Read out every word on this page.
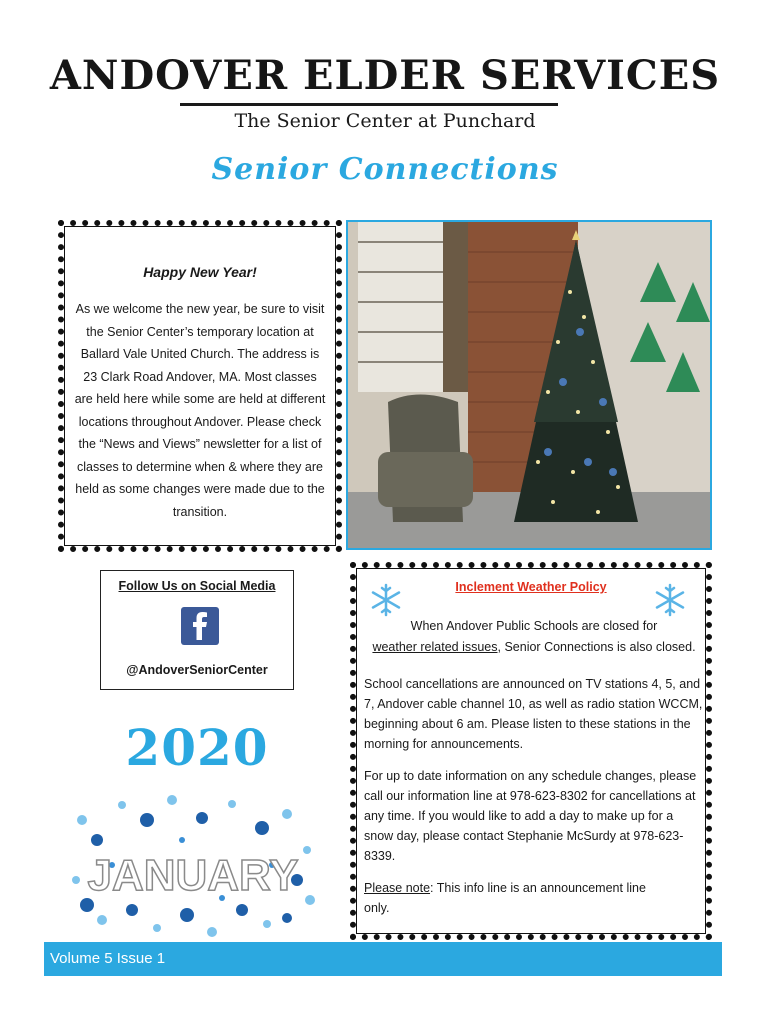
ANDOVER ELDER SERVICES
The Senior Center at Punchard
Senior Connections
Happy New Year!
As we welcome the new year, be sure to visit the Senior Center’s temporary location at Ballard Vale United Church. The address is 23 Clark Road Andover, MA. Most classes are held here while some are held at different locations throughout Andover. Please check the “News and Views” newsletter for a list of classes to determine when & where they are held as some changes were made due to the transition.
Follow Us on Social Media
@AndoverSeniorCenter
2020
JANUARY
Inclement Weather Policy
When Andover Public Schools are closed for
weather related issues, Senior Connections is also closed.
School cancellations are announced on TV stations 4, 5, and 7, Andover cable channel 10, as well as radio station WCCM, beginning about 6 am. Please listen to these stations in the morning for announcements.
For up to date information on any schedule changes, please call our information line at 978-623-8302 for cancellations at any time. If you would like to add a day to make up for a snow day, please contact Stephanie McSurdy at 978-623-8339.
Please note: This info line is an announcement line only.
Volume 5 Issue 1
